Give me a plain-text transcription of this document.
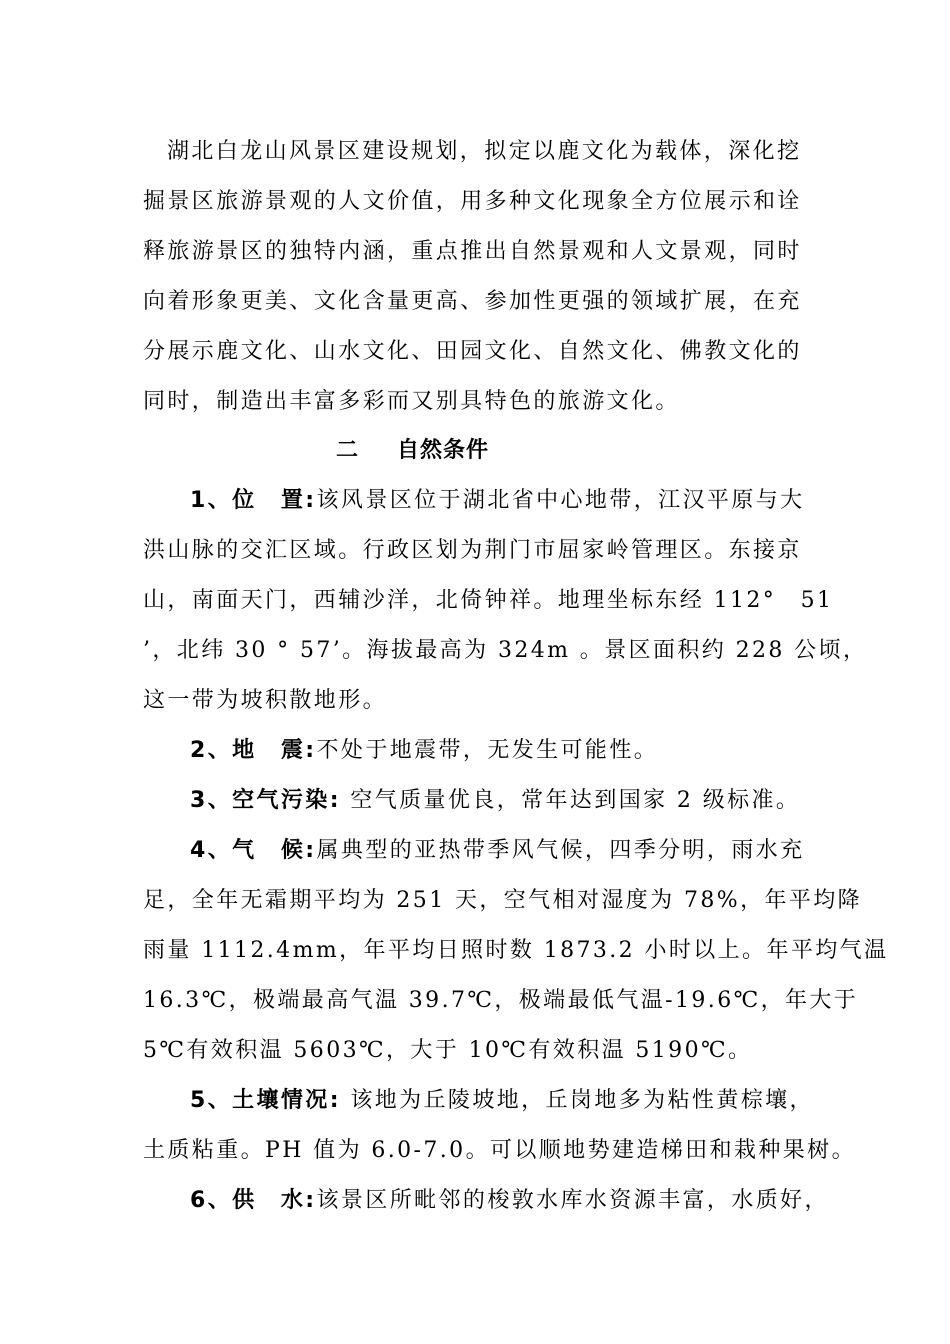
湖北白龙山风景区建设规划，拟定以鹿文化为载体，深化挖
掘景区旅游景观的人文价值，用多种文化现象全方位展示和诠
释旅游景区的独特内涵，重点推出自然景观和人文景观，同时
向着形象更美、文化含量更高、参加性更强的领域扩展，在充
分展示鹿文化、山水文化、田园文化、自然文化、佛教文化的
同时，制造出丰富多彩而又别具特色的旅游文化。
二 自然条件
1、位　置:该风景区位于湖北省中心地带，江汉平原与大
洪山脉的交汇区域。行政区划为荆门市屈家岭管理区。东接京
山，南面天门，西辅沙洋，北倚钟祥。地理坐标东经 112°　51
’，北纬 30 ° 57’。海拔最高为 324m 。景区面积约 228 公顷，
这一带为坡积散地形。
2、地　震:不处于地震带，无发生可能性。
3、空气污染: 空气质量优良，常年达到国家 2 级标准。
4、气　候:属典型的亚热带季风气候，四季分明，雨水充
足，全年无霜期平均为 251 天，空气相对湿度为 78%，年平均降
雨量 1112.4mm，年平均日照时数 1873.2 小时以上。年平均气温
16.3℃，极端最高气温 39.7℃，极端最低气温-19.6℃，年大于
5℃有效积温 5603℃，大于 10℃有效积温 5190℃。
5、土壤情况: 该地为丘陵坡地，丘岗地多为粘性黄棕壤，
土质粘重。PH 值为 6.0-7.0。可以顺地势建造梯田和栽种果树。
6、供　水:该景区所毗邻的梭敦水库水资源丰富，水质好，
